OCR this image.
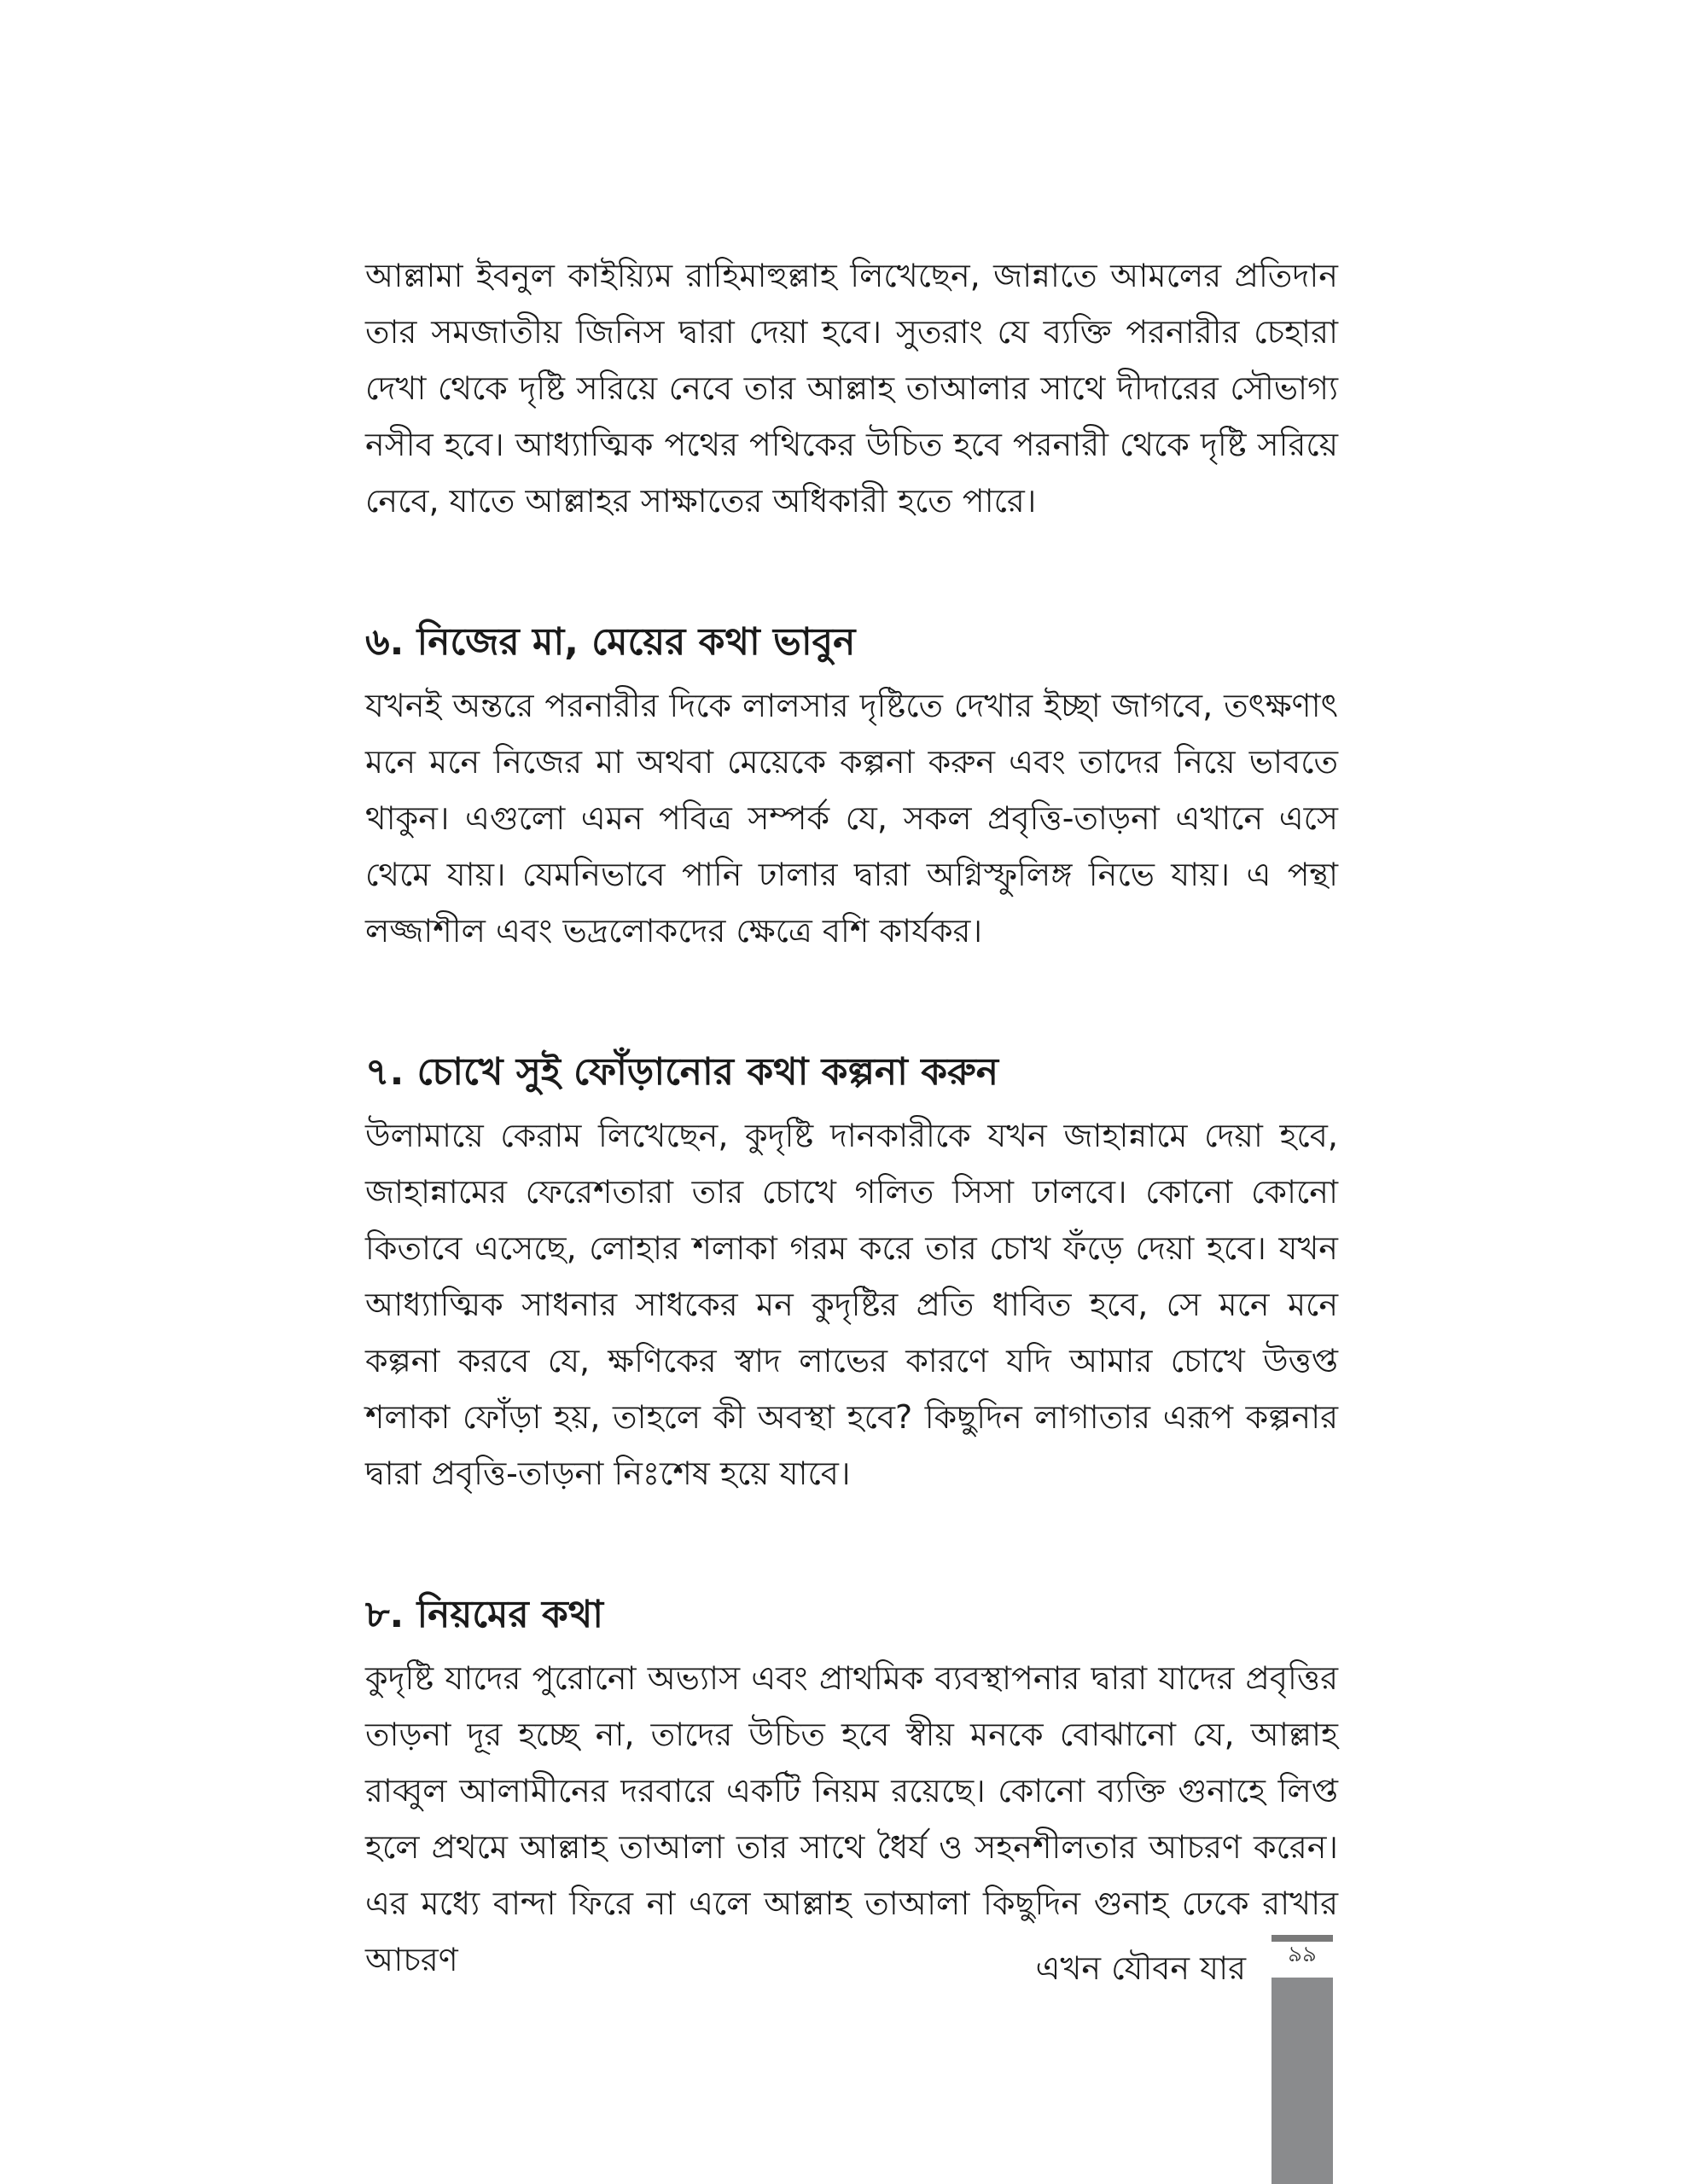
আল্লামা ইবনুল কাইয়্যিম রাহিমাহুল্লাহ লিখেছেন, জান্নাতে আমলের প্রতিদান তার সমজাতীয় জিনিস দ্বারা দেয়া হবে। সুতরাং যে ব্যক্তি পরনারীর চেহারা দেখা থেকে দৃষ্টি সরিয়ে নেবে তার আল্লাহ তাআলার সাথে দীদারের সৌভাগ্য নসীব হবে। আধ্যাত্মিক পথের পথিকের উচিত হবে পরনারী থেকে দৃষ্টি সরিয়ে নেবে, যাতে আল্লাহর সাক্ষাতের অধিকারী হতে পারে।

৬. নিজের মা, মেয়ের কথা ভাবুন

যখনই অন্তরে পরনারীর দিকে লালসার দৃষ্টিতে দেখার ইচ্ছা জাগবে, তৎক্ষণাৎ মনে মনে নিজের মা অথবা মেয়েকে কল্পনা করুন এবং তাদের নিয়ে ভাবতে থাকুন। এগুলো এমন পবিত্র সম্পর্ক যে, সকল প্রবৃত্তি-তাড়না এখানে এসে থেমে যায়। যেমনিভাবে পানি ঢালার দ্বারা অগ্নিস্ফুলিঙ্গ নিভে যায়। এ পন্থা লজ্জাশীল এবং ভদ্রলোকদের ক্ষেত্রে বশি কার্যকর।

৭. চোখে সুই ফোঁড়ানোর কথা কল্পনা করুন

উলামায়ে কেরাম লিখেছেন, কুদৃষ্টি দানকারীকে যখন জাহান্নামে দেয়া হবে, জাহান্নামের ফেরেশতারা তার চোখে গলিত সিসা ঢালবে। কোনো কোনো কিতাবে এসেছে, লোহার শলাকা গরম করে তার চোখ ফঁড়ে দেয়া হবে। যখন আধ্যাত্মিক সাধনার সাধকের মন কুদৃষ্টির প্রতি ধাবিত হবে, সে মনে মনে কল্পনা করবে যে, ক্ষণিকের স্বাদ লাভের কারণে যদি আমার চোখে উত্তপ্ত শলাকা ফোঁড়া হয়, তাহলে কী অবস্থা হবে? কিছুদিন লাগাতার এরূপ কল্পনার দ্বারা প্রবৃত্তি-তাড়না নিঃশেষ হয়ে যাবে।

৮. নিয়মের কথা

কুদৃষ্টি যাদের পুরোনো অভ্যাস এবং প্রাথমিক ব্যবস্থাপনার দ্বারা যাদের প্রবৃত্তির তাড়না দূর হচ্ছে না, তাদের উচিত হবে স্বীয় মনকে বোঝানো যে, আল্লাহ রাব্বুল আলামীনের দরবারে একটি নিয়ম রয়েছে। কোনো ব্যক্তি গুনাহে লিপ্ত হলে প্রথমে আল্লাহ তাআলা তার সাথে ধৈর্য ও সহনশীলতার আচরণ করেন। এর মধ্যে বান্দা ফিরে না এলে আল্লাহ তাআলা কিছুদিন গুনাহ ঢেকে রাখার আচরণ	এখন যৌবন যার	৯৯
